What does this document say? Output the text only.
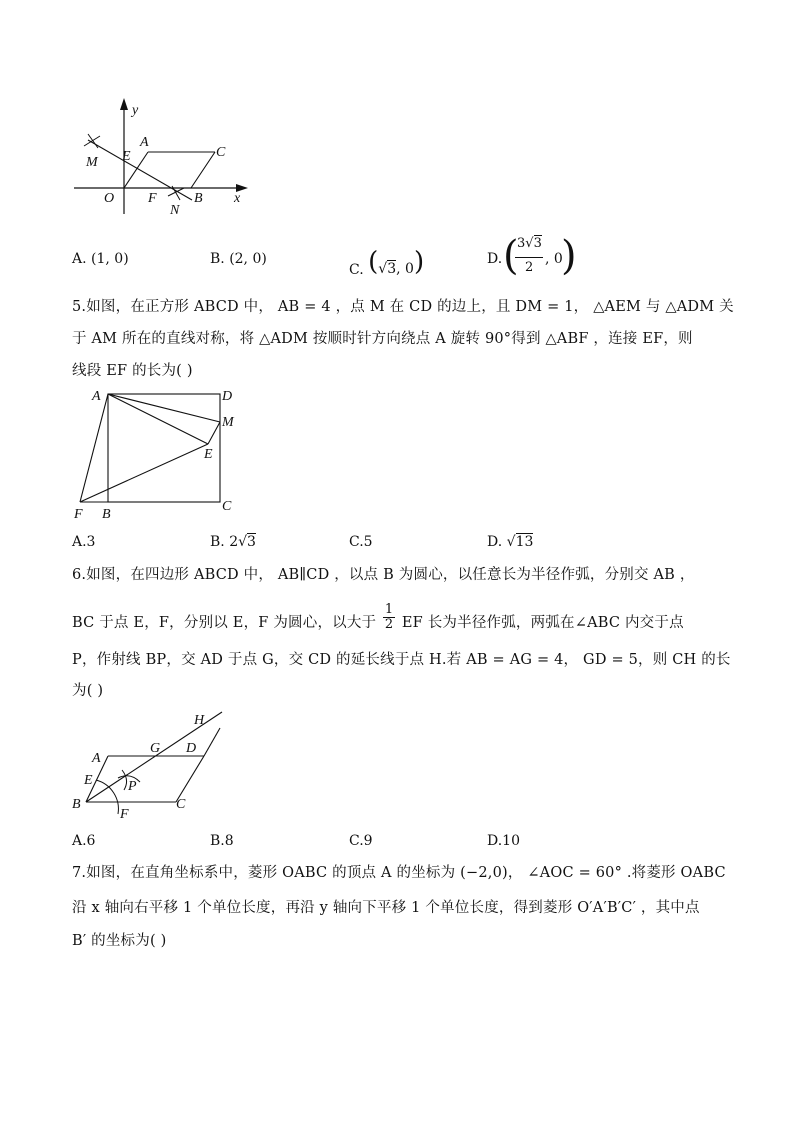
y
x
O
A
C
E
M
F
N
B
A. (1, 0)	B. (2, 0)
C. (√3, 0)	D. (
3√3
2
, 0
)
5.如图，在正方形 ABCD 中， AB = 4 ，点 M 在 CD 的边上，且 DM = 1， △AEM 与 △ADM 关
于 AM 所在的直线对称，将 △ADM 按顺时针方向绕点 A 旋转 90°得到 △ABF ，连接 EF，则
线段 EF 的长为( )
A	D
M
E
F B
C
A.3	B. 2√3	C.5	D. √13
6.如图，在四边形 ABCD 中， AB∥CD ，以点 B 为圆心，以任意长为半径作弧，分别交 AB ，
BC 于点 E，F，分别以 E，F 为圆心，以大于 $\frac{1}{2}$ EF 长为半径作弧，两弧在∠ABC 内交于点
P，作射线 BP，交 AD 于点 G，交 CD 的延长线于点 H.若 AB = AG = 4， GD = 5，则 CH 的长
为( )
H
A
G D
E	P
B	C
F
A.6	B.8	C.9	D.10
7.如图，在直角坐标系中，菱形 OABC 的顶点 A 的坐标为 (−2,0)， ∠AOC = 60° .将菱形 OABC
沿 x 轴向右平移 1 个单位长度，再沿 y 轴向下平移 1 个单位长度，得到菱形 O′A′B′C′ ，其中点
B′ 的坐标为( )
